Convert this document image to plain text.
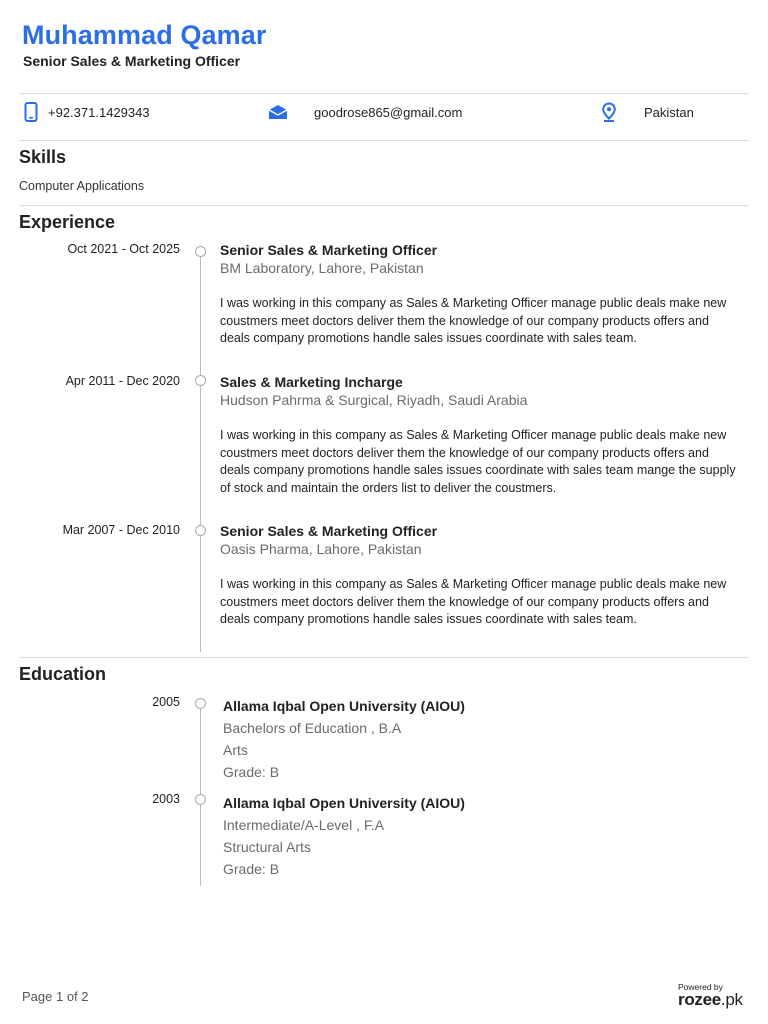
Muhammad Qamar
Senior Sales & Marketing Officer
+92.371.1429343	goodrose865@gmail.com	Pakistan
Skills
Computer Applications
Experience
Oct 2021 - Oct 2025	Senior Sales & Marketing Officer
BM Laboratory, Lahore, Pakistan
I was working in this company as Sales & Marketing Officer manage public deals make new coustmers meet doctors deliver them the knowledge of our company products offers and deals company promotions handle sales issues coordinate with sales team.
Apr 2011 - Dec 2020	Sales & Marketing Incharge
Hudson Pahrma & Surgical, Riyadh, Saudi Arabia
I was working in this company as Sales & Marketing Officer manage public deals make new coustmers meet doctors deliver them the knowledge of our company products offers and deals company promotions handle sales issues coordinate with sales team mange the supply of stock and maintain the orders list to deliver the coustmers.
Mar 2007 - Dec 2010	Senior Sales & Marketing Officer
Oasis Pharma, Lahore, Pakistan
I was working in this company as Sales & Marketing Officer manage public deals make new coustmers meet doctors deliver them the knowledge of our company products offers and deals company promotions handle sales issues coordinate with sales team.
Education
2005	Allama Iqbal Open University (AIOU)
Bachelors of Education , B.A
Arts
Grade: B
2003	Allama Iqbal Open University (AIOU)
Intermediate/A-Level , F.A
Structural Arts
Grade: B
Page 1 of 2
Powered by
rozee.pk
